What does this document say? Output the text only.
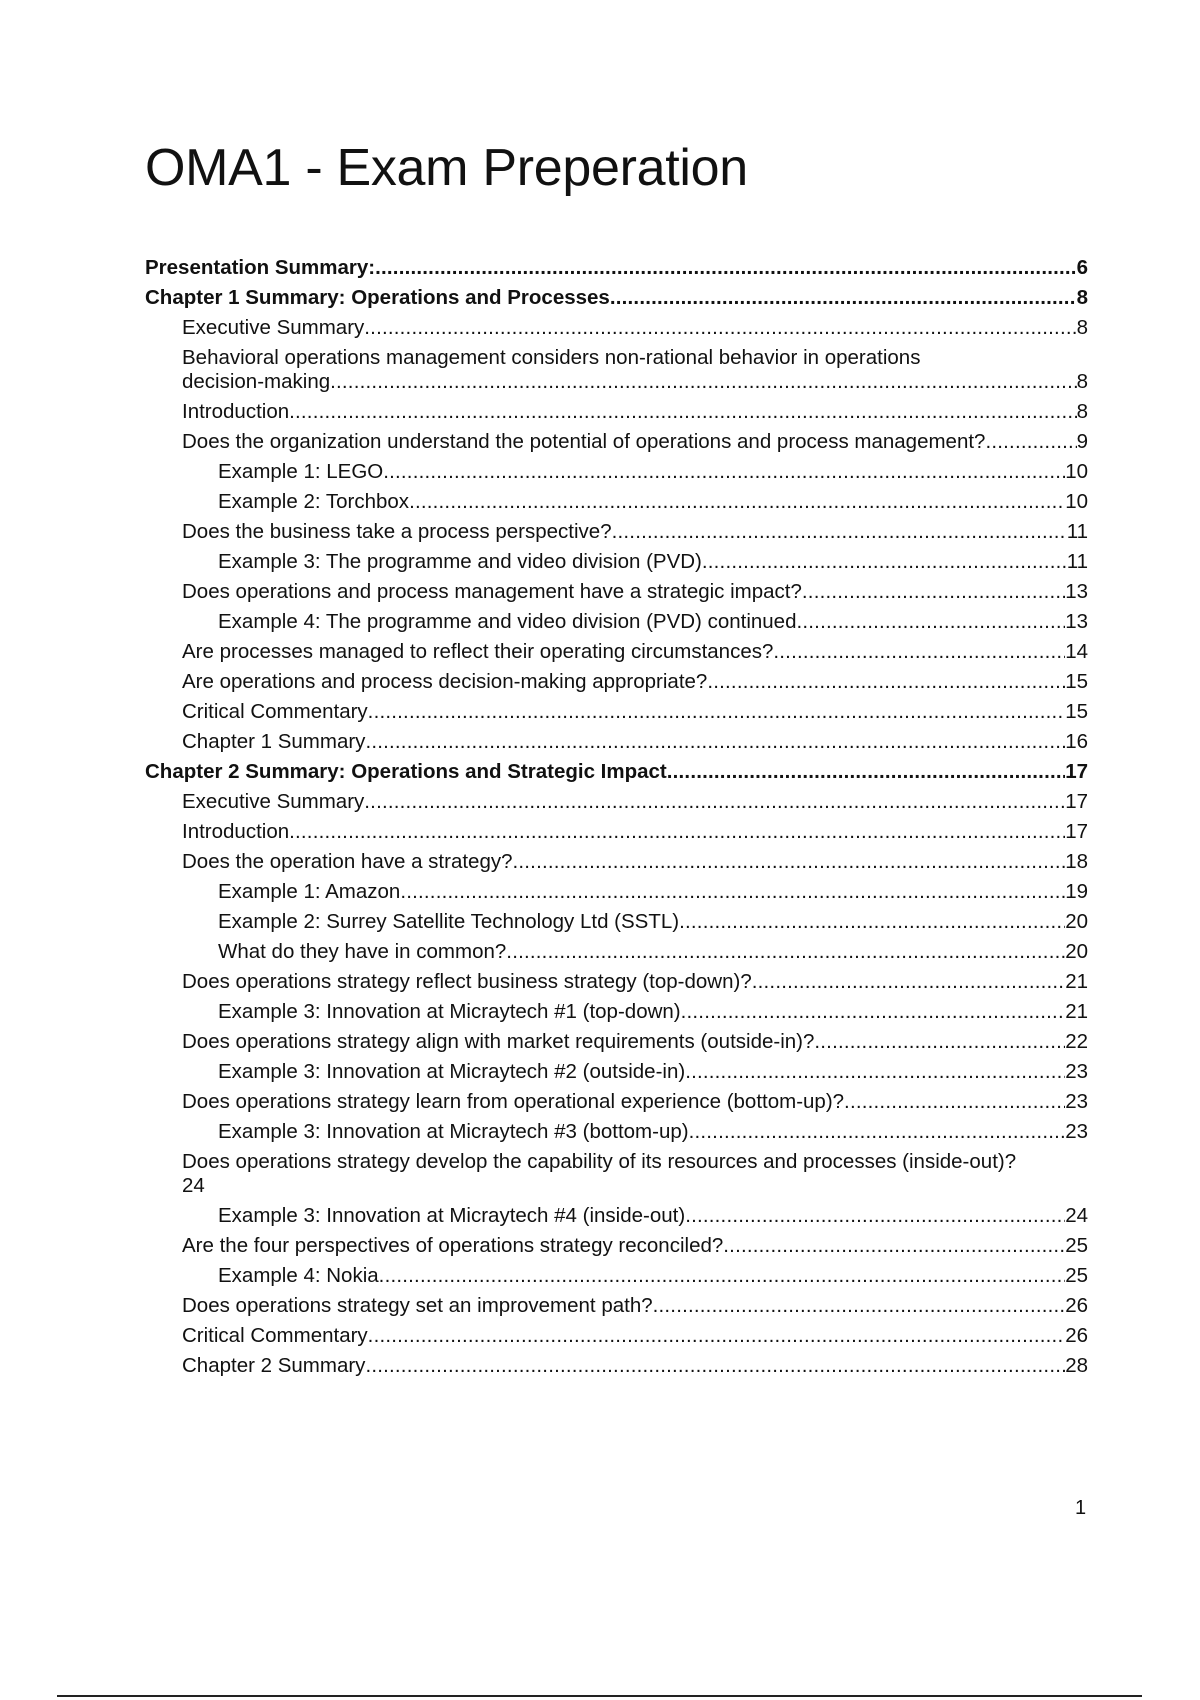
OMA1 - Exam Preperation
Presentation Summary: .....	6
Chapter 1 Summary: Operations and Processes .....	8
Executive Summary .....	8
Behavioral operations management considers non-rational behavior in operations
decision-making .....	8
Introduction .....	8
Does the organization understand the potential of operations and process management? .....	9
Example 1: LEGO .....	10
Example 2: Torchbox .....	10
Does the business take a process perspective? .....	11
Example 3: The programme and video division (PVD) .....	11
Does operations and process management have a strategic impact? .....	13
Example 4: The programme and video division (PVD) continued .....	13
Are processes managed to reflect their operating circumstances? .....	14
Are operations and process decision-making appropriate? .....	15
Critical Commentary .....	15
Chapter 1 Summary .....	16
Chapter 2 Summary: Operations and Strategic Impact .....	17
Executive Summary .....	17
Introduction .....	17
Does the operation have a strategy? .....	18
Example 1: Amazon .....	19
Example 2: Surrey Satellite Technology Ltd (SSTL) .....	20
What do they have in common? .....	20
Does operations strategy reflect business strategy (top-down)? .....	21
Example 3: Innovation at Micraytech #1 (top-down) .....	21
Does operations strategy align with market requirements (outside-in)? .....	22
Example 3: Innovation at Micraytech #2 (outside-in) .....	23
Does operations strategy learn from operational experience (bottom-up)? .....	23
Example 3: Innovation at Micraytech #3 (bottom-up) .....	23
Does operations strategy develop the capability of its resources and processes (inside-out)?
24
Example 3: Innovation at Micraytech #4 (inside-out) .....	24
Are the four perspectives of operations strategy reconciled? .....	25
Example 4: Nokia .....	25
Does operations strategy set an improvement path? .....	26
Critical Commentary .....	26
Chapter 2 Summary .....	28
1
